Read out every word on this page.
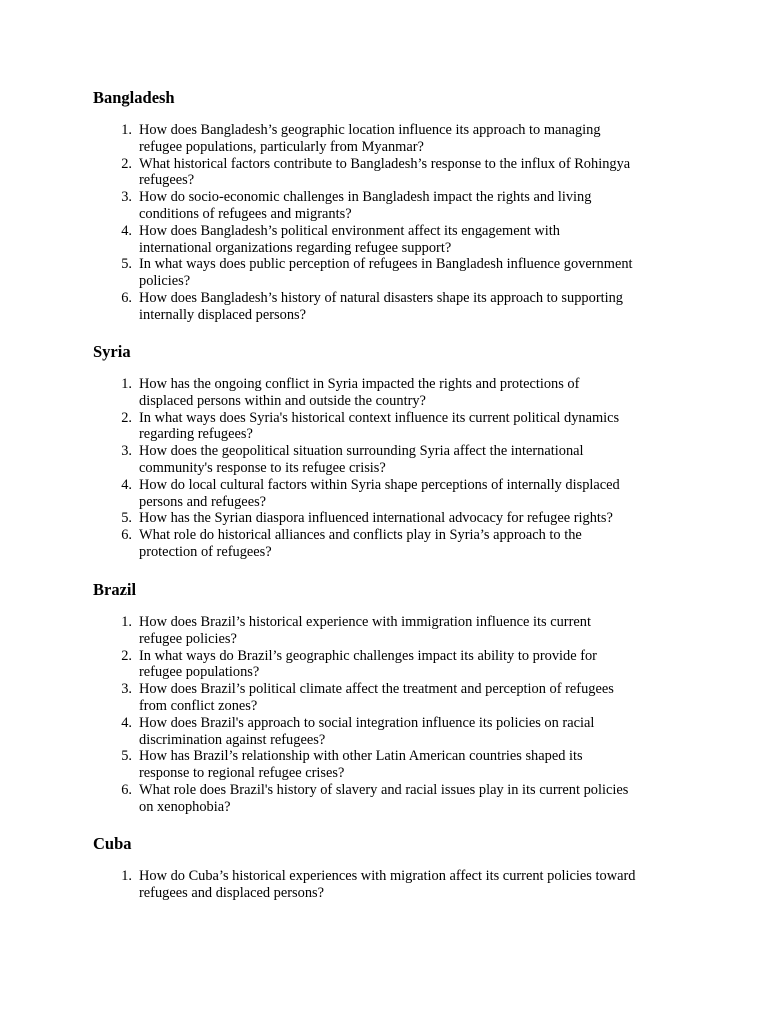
Bangladesh
1. How does Bangladesh’s geographic location influence its approach to managing
refugee populations, particularly from Myanmar?
2. What historical factors contribute to Bangladesh’s response to the influx of Rohingya
refugees?
3. How do socio-economic challenges in Bangladesh impact the rights and living
conditions of refugees and migrants?
4. How does Bangladesh’s political environment affect its engagement with
international organizations regarding refugee support?
5. In what ways does public perception of refugees in Bangladesh influence government
policies?
6. How does Bangladesh’s history of natural disasters shape its approach to supporting
internally displaced persons?
Syria
1. How has the ongoing conflict in Syria impacted the rights and protections of
displaced persons within and outside the country?
2. In what ways does Syria's historical context influence its current political dynamics
regarding refugees?
3. How does the geopolitical situation surrounding Syria affect the international
community's response to its refugee crisis?
4. How do local cultural factors within Syria shape perceptions of internally displaced
persons and refugees?
5. How has the Syrian diaspora influenced international advocacy for refugee rights?
6. What role do historical alliances and conflicts play in Syria’s approach to the
protection of refugees?
Brazil
1. How does Brazil’s historical experience with immigration influence its current
refugee policies?
2. In what ways do Brazil’s geographic challenges impact its ability to provide for
refugee populations?
3. How does Brazil’s political climate affect the treatment and perception of refugees
from conflict zones?
4. How does Brazil's approach to social integration influence its policies on racial
discrimination against refugees?
5. How has Brazil’s relationship with other Latin American countries shaped its
response to regional refugee crises?
6. What role does Brazil's history of slavery and racial issues play in its current policies
on xenophobia?
Cuba
1. How do Cuba’s historical experiences with migration affect its current policies toward
refugees and displaced persons?
